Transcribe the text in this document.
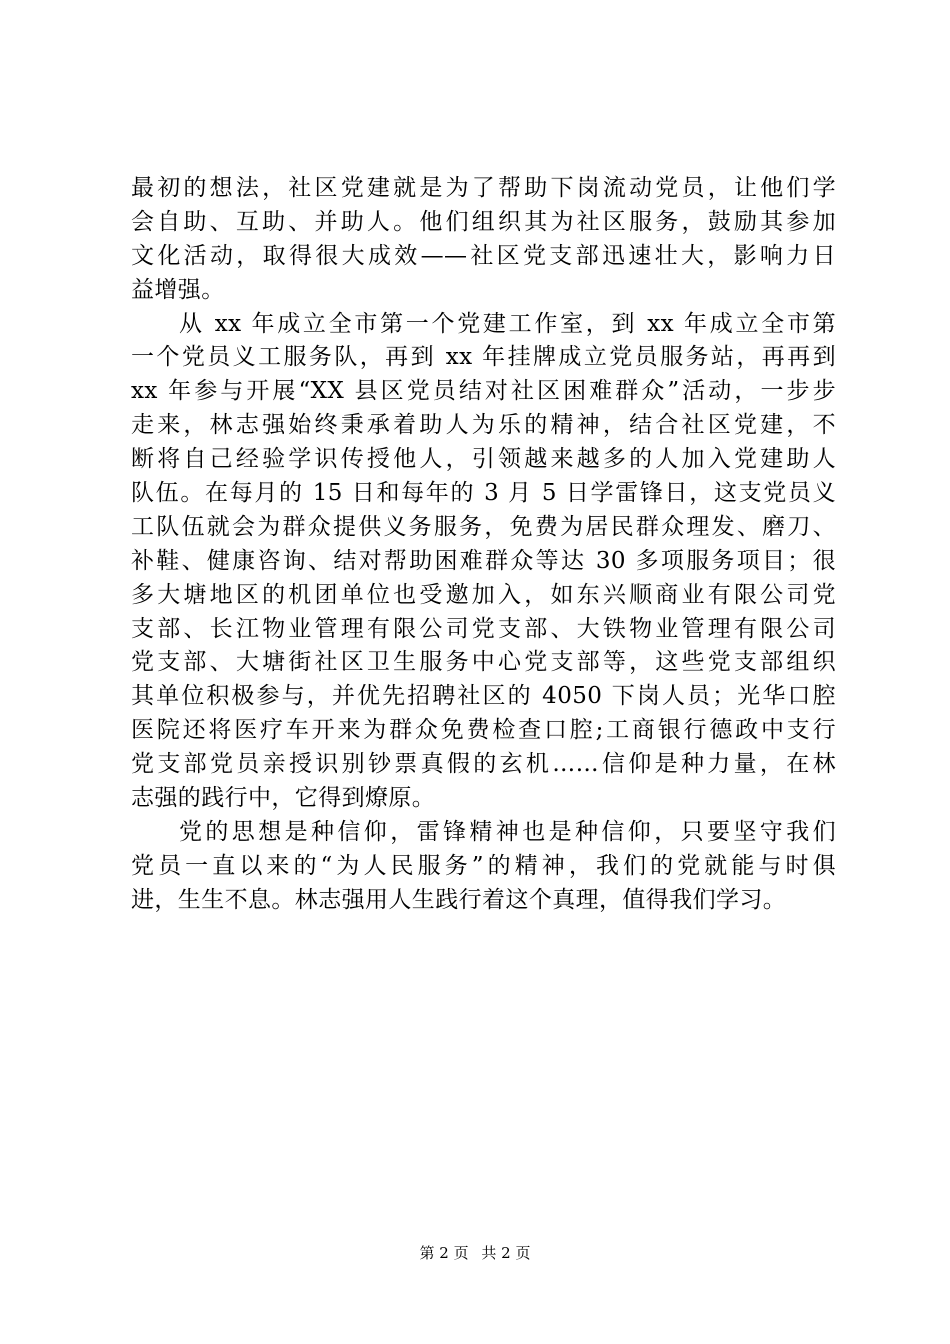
最初的想法，社区党建就是为了帮助下岗流动党员，让他们学
会自助、互助、并助人。他们组织其为社区服务，鼓励其参加
文化活动，取得很大成效——社区党支部迅速壮大，影响力日
益增强。
从 xx 年成立全市第一个党建工作室，到 xx 年成立全市第
一个党员义工服务队，再到 xx 年挂牌成立党员服务站，再再到
xx 年参与开展“XX 县区党员结对社区困难群众”活动，一步步
走来，林志强始终秉承着助人为乐的精神，结合社区党建，不
断将自己经验学识传授他人，引领越来越多的人加入党建助人
队伍。在每月的 15 日和每年的 3 月 5 日学雷锋日，这支党员义
工队伍就会为群众提供义务服务，免费为居民群众理发、磨刀、
补鞋、健康咨询、结对帮助困难群众等达 30 多项服务项目；很
多大塘地区的机团单位也受邀加入，如东兴顺商业有限公司党
支部、长江物业管理有限公司党支部、大铁物业管理有限公司
党支部、大塘街社区卫生服务中心党支部等，这些党支部组织
其单位积极参与，并优先招聘社区的 4050 下岗人员；光华口腔
医院还将医疗车开来为群众免费检查口腔;工商银行德政中支行
党支部党员亲授识别钞票真假的玄机……信仰是种力量，在林
志强的践行中，它得到燎原。
党的思想是种信仰，雷锋精神也是种信仰，只要坚守我们
党员一直以来的“为人民服务”的精神，我们的党就能与时俱
进，生生不息。林志强用人生践行着这个真理，值得我们学习。
第 2 页 共 2 页
